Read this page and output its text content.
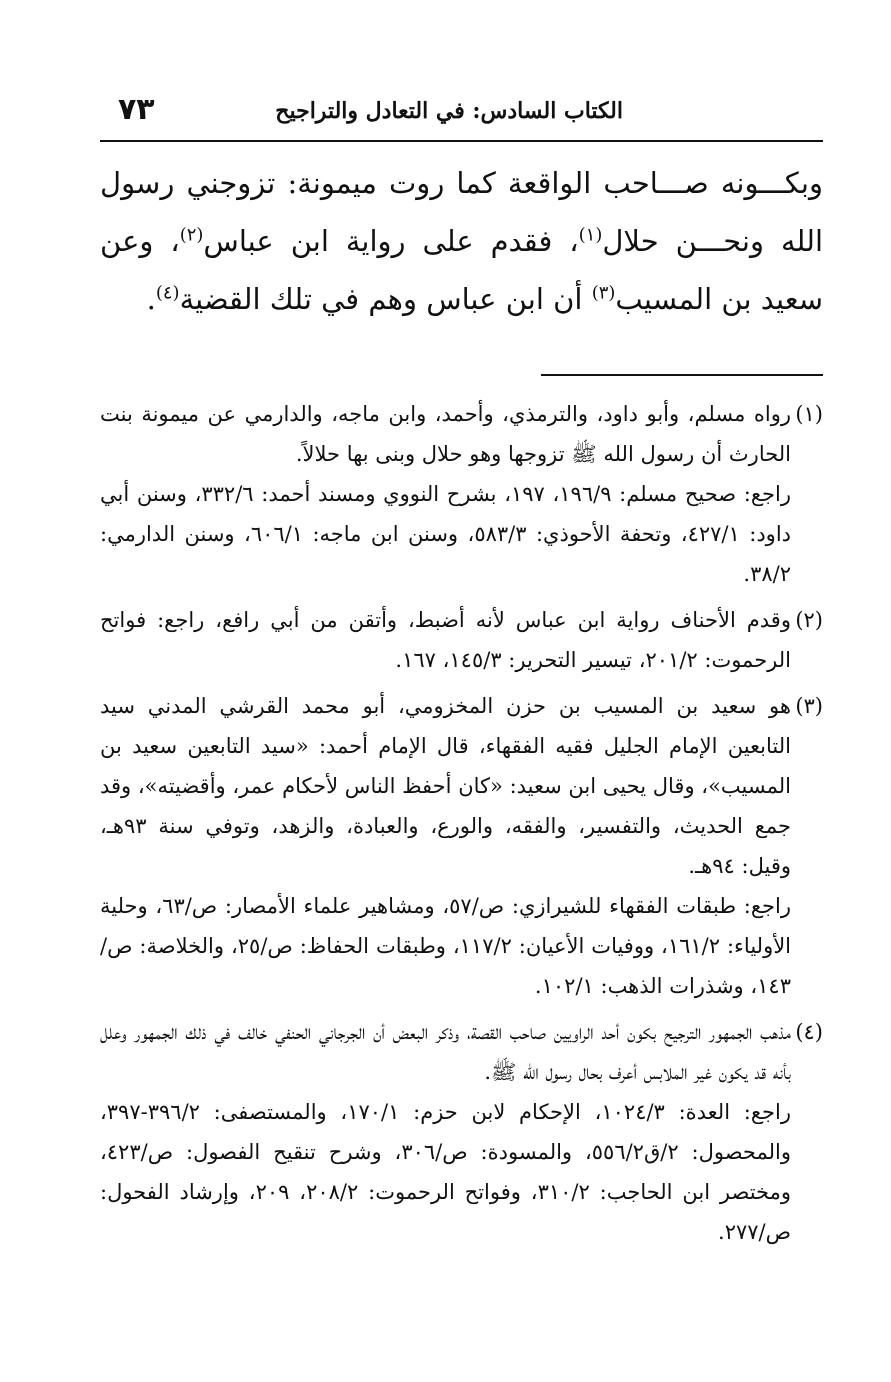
الكتاب السادس: في التعادل والتراجيح
٧٣

وبكـــونه صـــاحب الواقعة كما روت ميمونة: تزوجني رسول الله ونحـــن حلال$^{(١)}$، فقدم على رواية ابن عباس$^{(٢)}$، وعن سعيد بن المسيب$^{(٣)}$ أن ابن عباس وهم في تلك القضية$^{(٤)}$.

(١)

رواه مسلم، وأبو داود، والترمذي، وأحمد، وابن ماجه، والدارمي عن ميمونة بنت الحارث أن رسول الله ﷺ تزوجها وهو حلال وبنى بها حلالاً.

راجع: صحيح مسلم: ١٩٦/٩، ١٩٧، بشرح النووي ومسند أحمد: ٣٣٢/٦، وسنن أبي داود: ٤٢٧/١، وتحفة الأحوذي: ٥٨٣/٣، وسنن ابن ماجه: ٦٠٦/١، وسنن الدارمي: ٣٨/٢.

(٢)

وقدم الأحناف رواية ابن عباس لأنه أضبط، وأتقن من أبي رافع، راجع: فواتح الرحموت: ٢٠١/٢، تيسير التحرير: ١٤٥/٣، ١٦٧.

(٣)

هو سعيد بن المسيب بن حزن المخزومي، أبو محمد القرشي المدني سيد التابعين الإمام الجليل فقيه الفقهاء، قال الإمام أحمد: «سيد التابعين سعيد بن المسيب»، وقال يحيى ابن سعيد: «كان أحفظ الناس لأحكام عمر، وأقضيته»، وقد جمع الحديث، والتفسير، والفقه، والورع، والعبادة، والزهد، وتوفي سنة ٩٣هـ، وقيل: ٩٤هـ.

راجع: طبقات الفقهاء للشيرازي: ص/٥٧، ومشاهير علماء الأمصار: ص/٦٣، وحلية الأولياء: ١٦١/٢، ووفيات الأعيان: ١١٧/٢، وطبقات الحفاظ: ص/٢٥، والخلاصة: ص/١٤٣، وشذرات الذهب: ١٠٢/١.

(٤)

مذهب الجمهور الترجيح بكون أحد الراويين صاحب القصة، وذكر البعض أن الجرجاني الحنفي خالف في ذلك الجمهور وعلل بأنه قد يكون غير الملابس أعرف بحال رسول الله ﷺ.

راجع: العدة: ١٠٢٤/٣، الإحكام لابن حزم: ١٧٠/١، والمستصفى: ٣٩٦/٢-٣٩٧، والمحصول: ٢/ق٥٥٦/٢، والمسودة: ص/٣٠٦، وشرح تنقيح الفصول: ص/٤٢٣، ومختصر ابن الحاجب: ٣١٠/٢، وفواتح الرحموت: ٢٠٨/٢، ٢٠٩، وإرشاد الفحول: ص/٢٧٧.
